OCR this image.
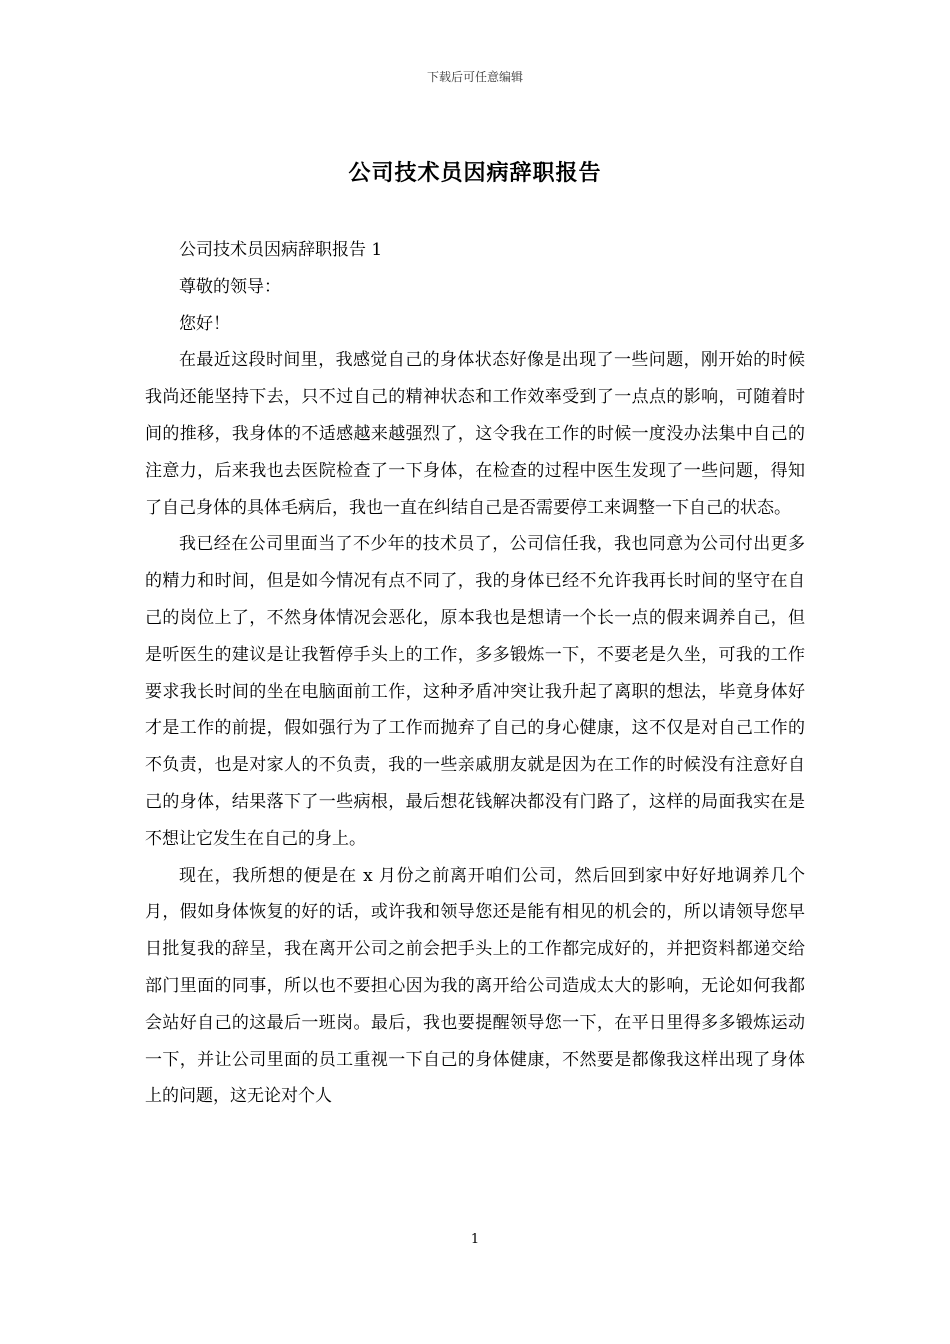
下载后可任意编辑
公司技术员因病辞职报告

公司技术员因病辞职报告 1

尊敬的领导：

您好！

在最近这段时间里，我感觉自己的身体状态好像是出现了一些问题，刚开始的时候我尚还能坚持下去，只不过自己的精神状态和工作效率受到了一点点的影响，可随着时间的推移，我身体的不适感越来越强烈了，这令我在工作的时候一度没办法集中自己的注意力，后来我也去医院检查了一下身体，在检查的过程中医生发现了一些问题，得知了自己身体的具体毛病后，我也一直在纠结自己是否需要停工来调整一下自己的状态。

我已经在公司里面当了不少年的技术员了，公司信任我，我也同意为公司付出更多的精力和时间，但是如今情况有点不同了，我的身体已经不允许我再长时间的坚守在自己的岗位上了，不然身体情况会恶化，原本我也是想请一个长一点的假来调养自己，但是听医生的建议是让我暂停手头上的工作，多多锻炼一下，不要老是久坐，可我的工作要求我长时间的坐在电脑面前工作，这种矛盾冲突让我升起了离职的想法，毕竟身体好才是工作的前提，假如强行为了工作而抛弃了自己的身心健康，这不仅是对自己工作的不负责，也是对家人的不负责，我的一些亲戚朋友就是因为在工作的时候没有注意好自己的身体，结果落下了一些病根，最后想花钱解决都没有门路了，这样的局面我实在是不想让它发生在自己的身上。

现在，我所想的便是在 x 月份之前离开咱们公司，然后回到家中好好地调养几个月，假如身体恢复的好的话，或许我和领导您还是能有相见的机会的，所以请领导您早日批复我的辞呈，我在离开公司之前会把手头上的工作都完成好的，并把资料都递交给部门里面的同事，所以也不要担心因为我的离开给公司造成太大的影响，无论如何我都会站好自己的这最后一班岗。最后，我也要提醒领导您一下，在平日里得多多锻炼运动一下，并让公司里面的员工重视一下自己的身体健康，不然要是都像我这样出现了身体上的问题，这无论对个人

1
